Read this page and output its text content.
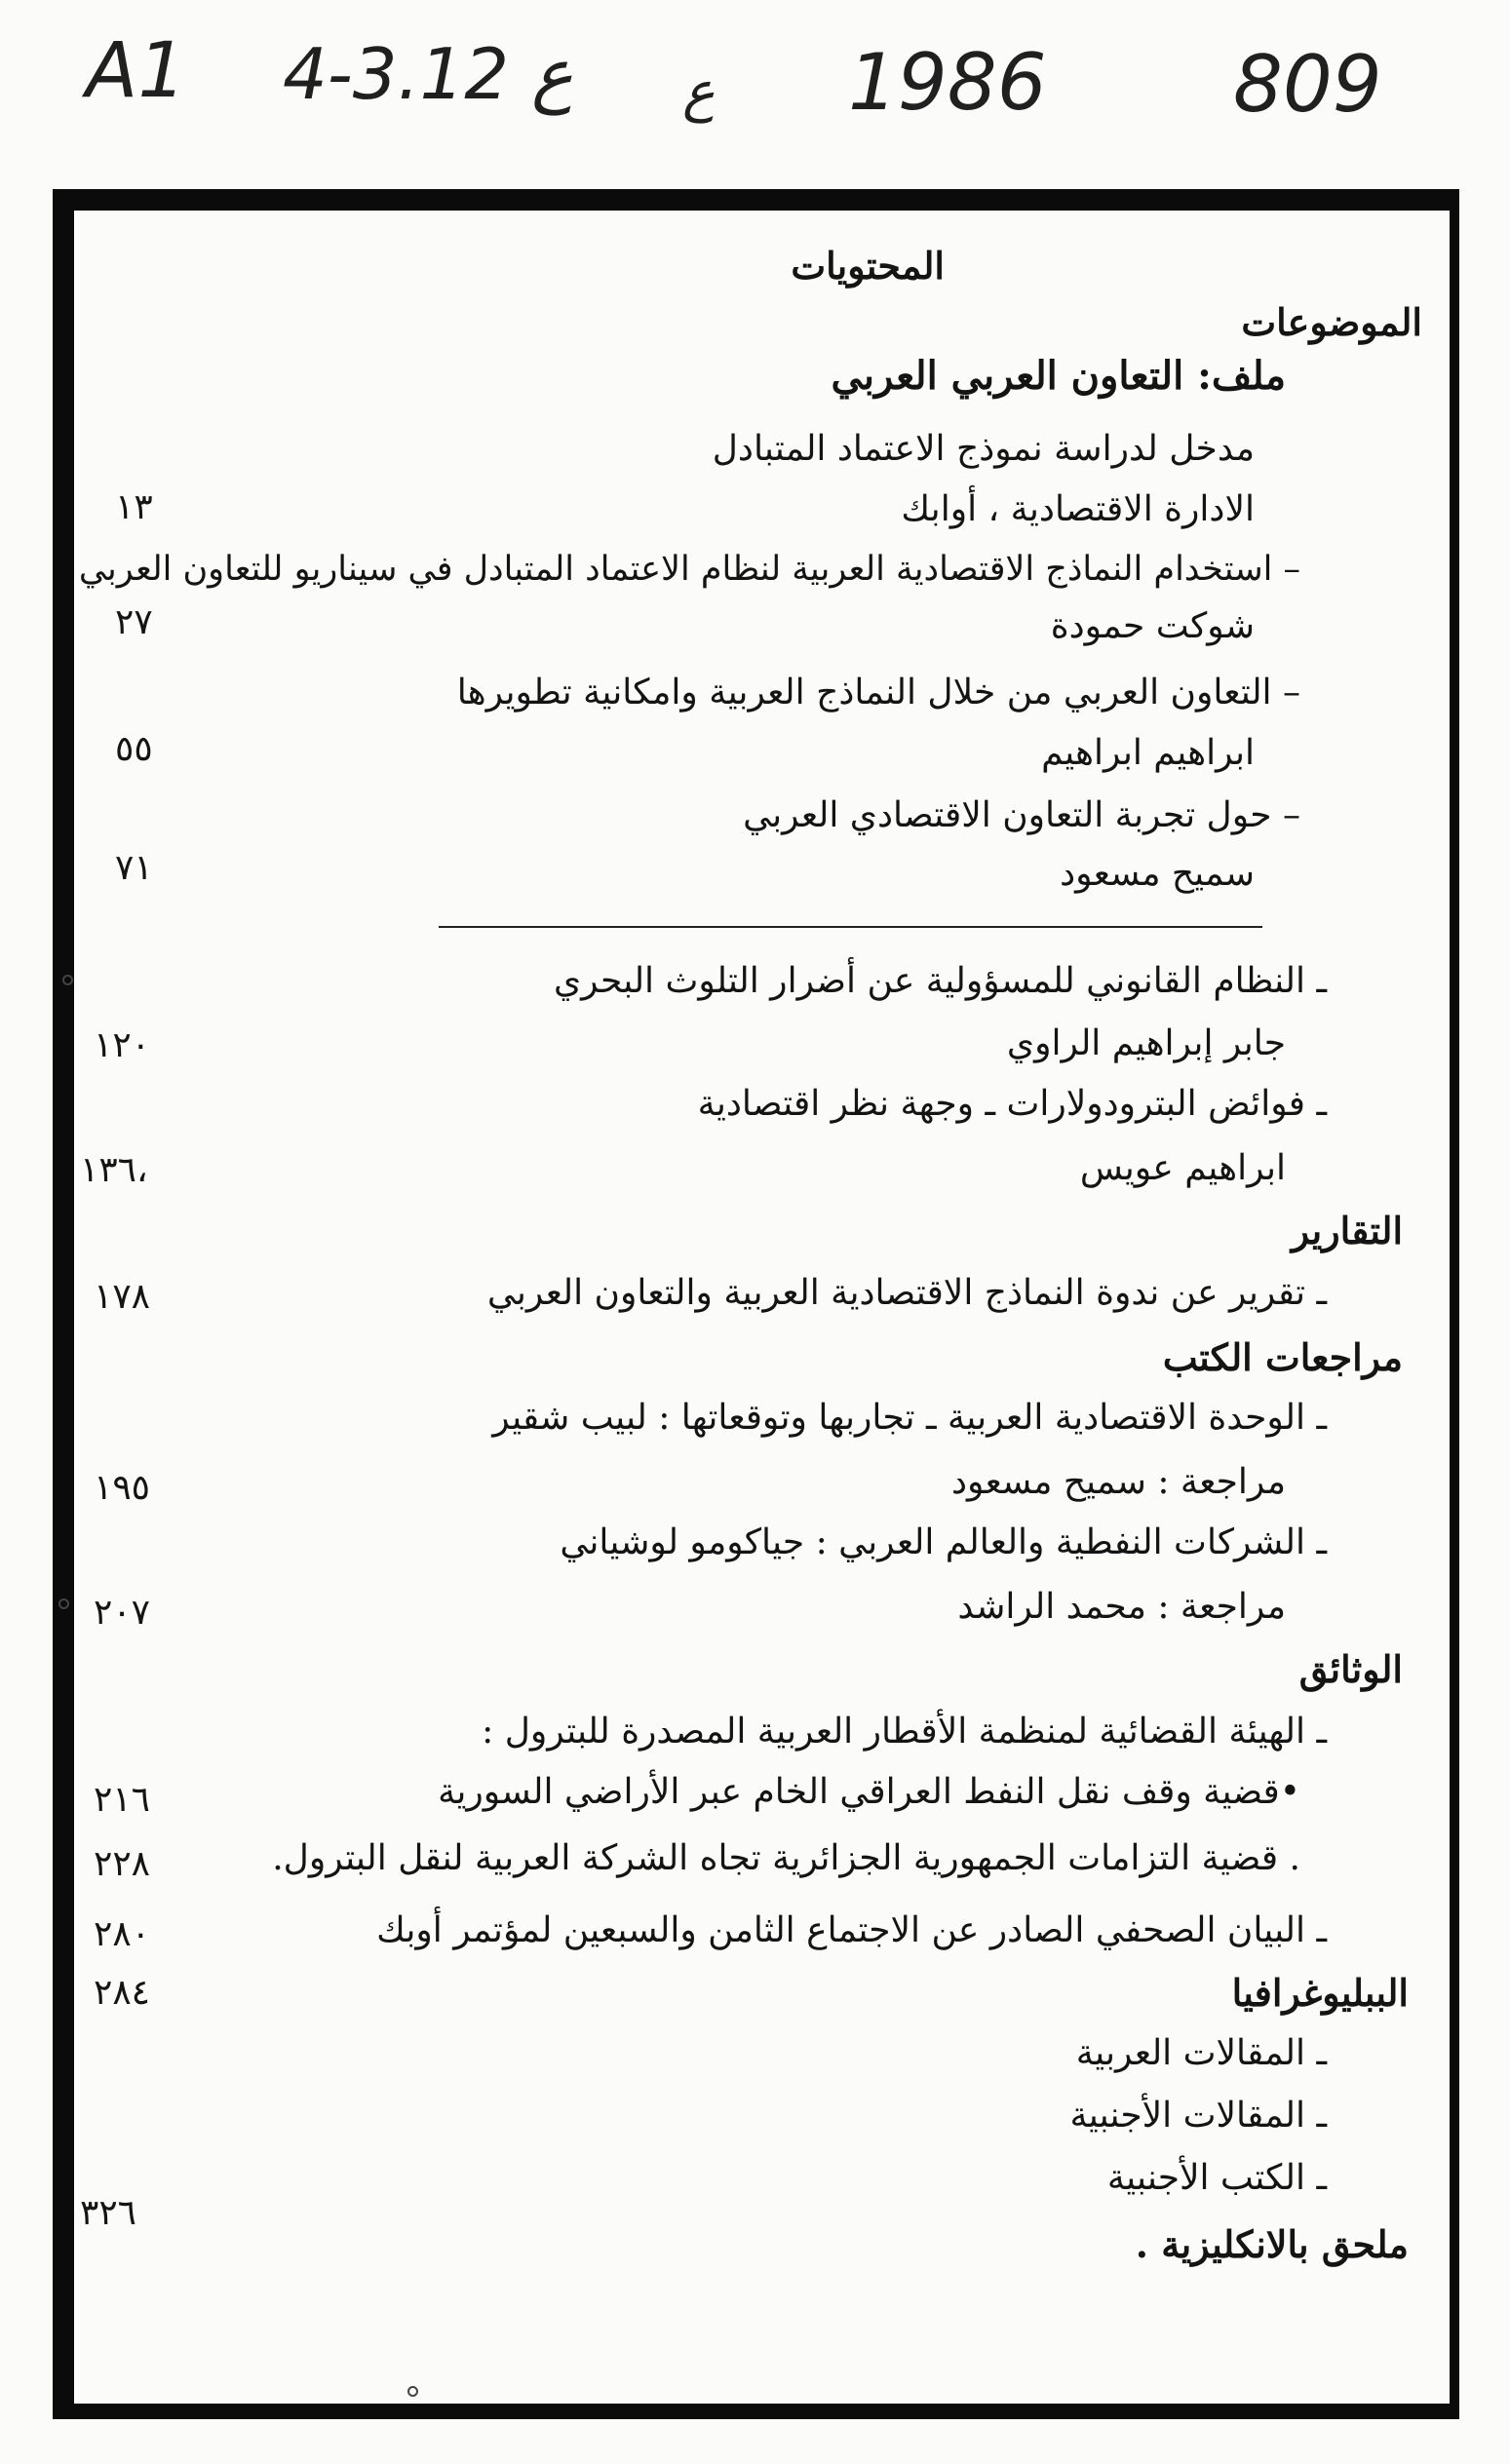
A1 4-3.ع 12 ع 1986 809
المحتويات
الموضوعات
ملف: التعاون العربي العربي
مدخل لدراسة نموذج الاعتماد المتبادل
الادارة الاقتصادية ، أوابك
١٣
– استخدام النماذج الاقتصادية العربية لنظام الاعتماد المتبادل في سيناريو للتعاون العربي
شوكت حمودة
٢٧
– التعاون العربي من خلال النماذج العربية وامكانية تطويرها
ابراهيم ابراهيم
٥٥
– حول تجربة التعاون الاقتصادي العربي
سميح مسعود
٧١
ـ النظام القانوني للمسؤولية عن أضرار التلوث البحري
جابر إبراهيم الراوي
١٢٠
ـ فوائض البترودولارات ـ وجهة نظر اقتصادية
ابراهيم عويس
١٣٦،
التقارير
ـ تقرير عن ندوة النماذج الاقتصادية العربية والتعاون العربي
١٧٨
مراجعات الكتب
ـ الوحدة الاقتصادية العربية ـ تجاربها وتوقعاتها : لبيب شقير
مراجعة : سميح مسعود
١٩٥
ـ الشركات النفطية والعالم العربي : جياكومو لوشياني
مراجعة : محمد الراشد
٢٠٧
الوثائق
ـ الهيئة القضائية لمنظمة الأقطار العربية المصدرة للبترول :
•قضية وقف نقل النفط العراقي الخام عبر الأراضي السورية
٢١٦
. قضية التزامات الجمهورية الجزائرية تجاه الشركة العربية لنقل البترول.
٢٢٨
ـ البيان الصحفي الصادر عن الاجتماع الثامن والسبعين لمؤتمر أوبك
٢٨٠
الببليوغرافيا
٢٨٤
ـ المقالات العربية
ـ المقالات الأجنبية
ـ الكتب الأجنبية
ملحق بالانكليزية .
٣٢٦
